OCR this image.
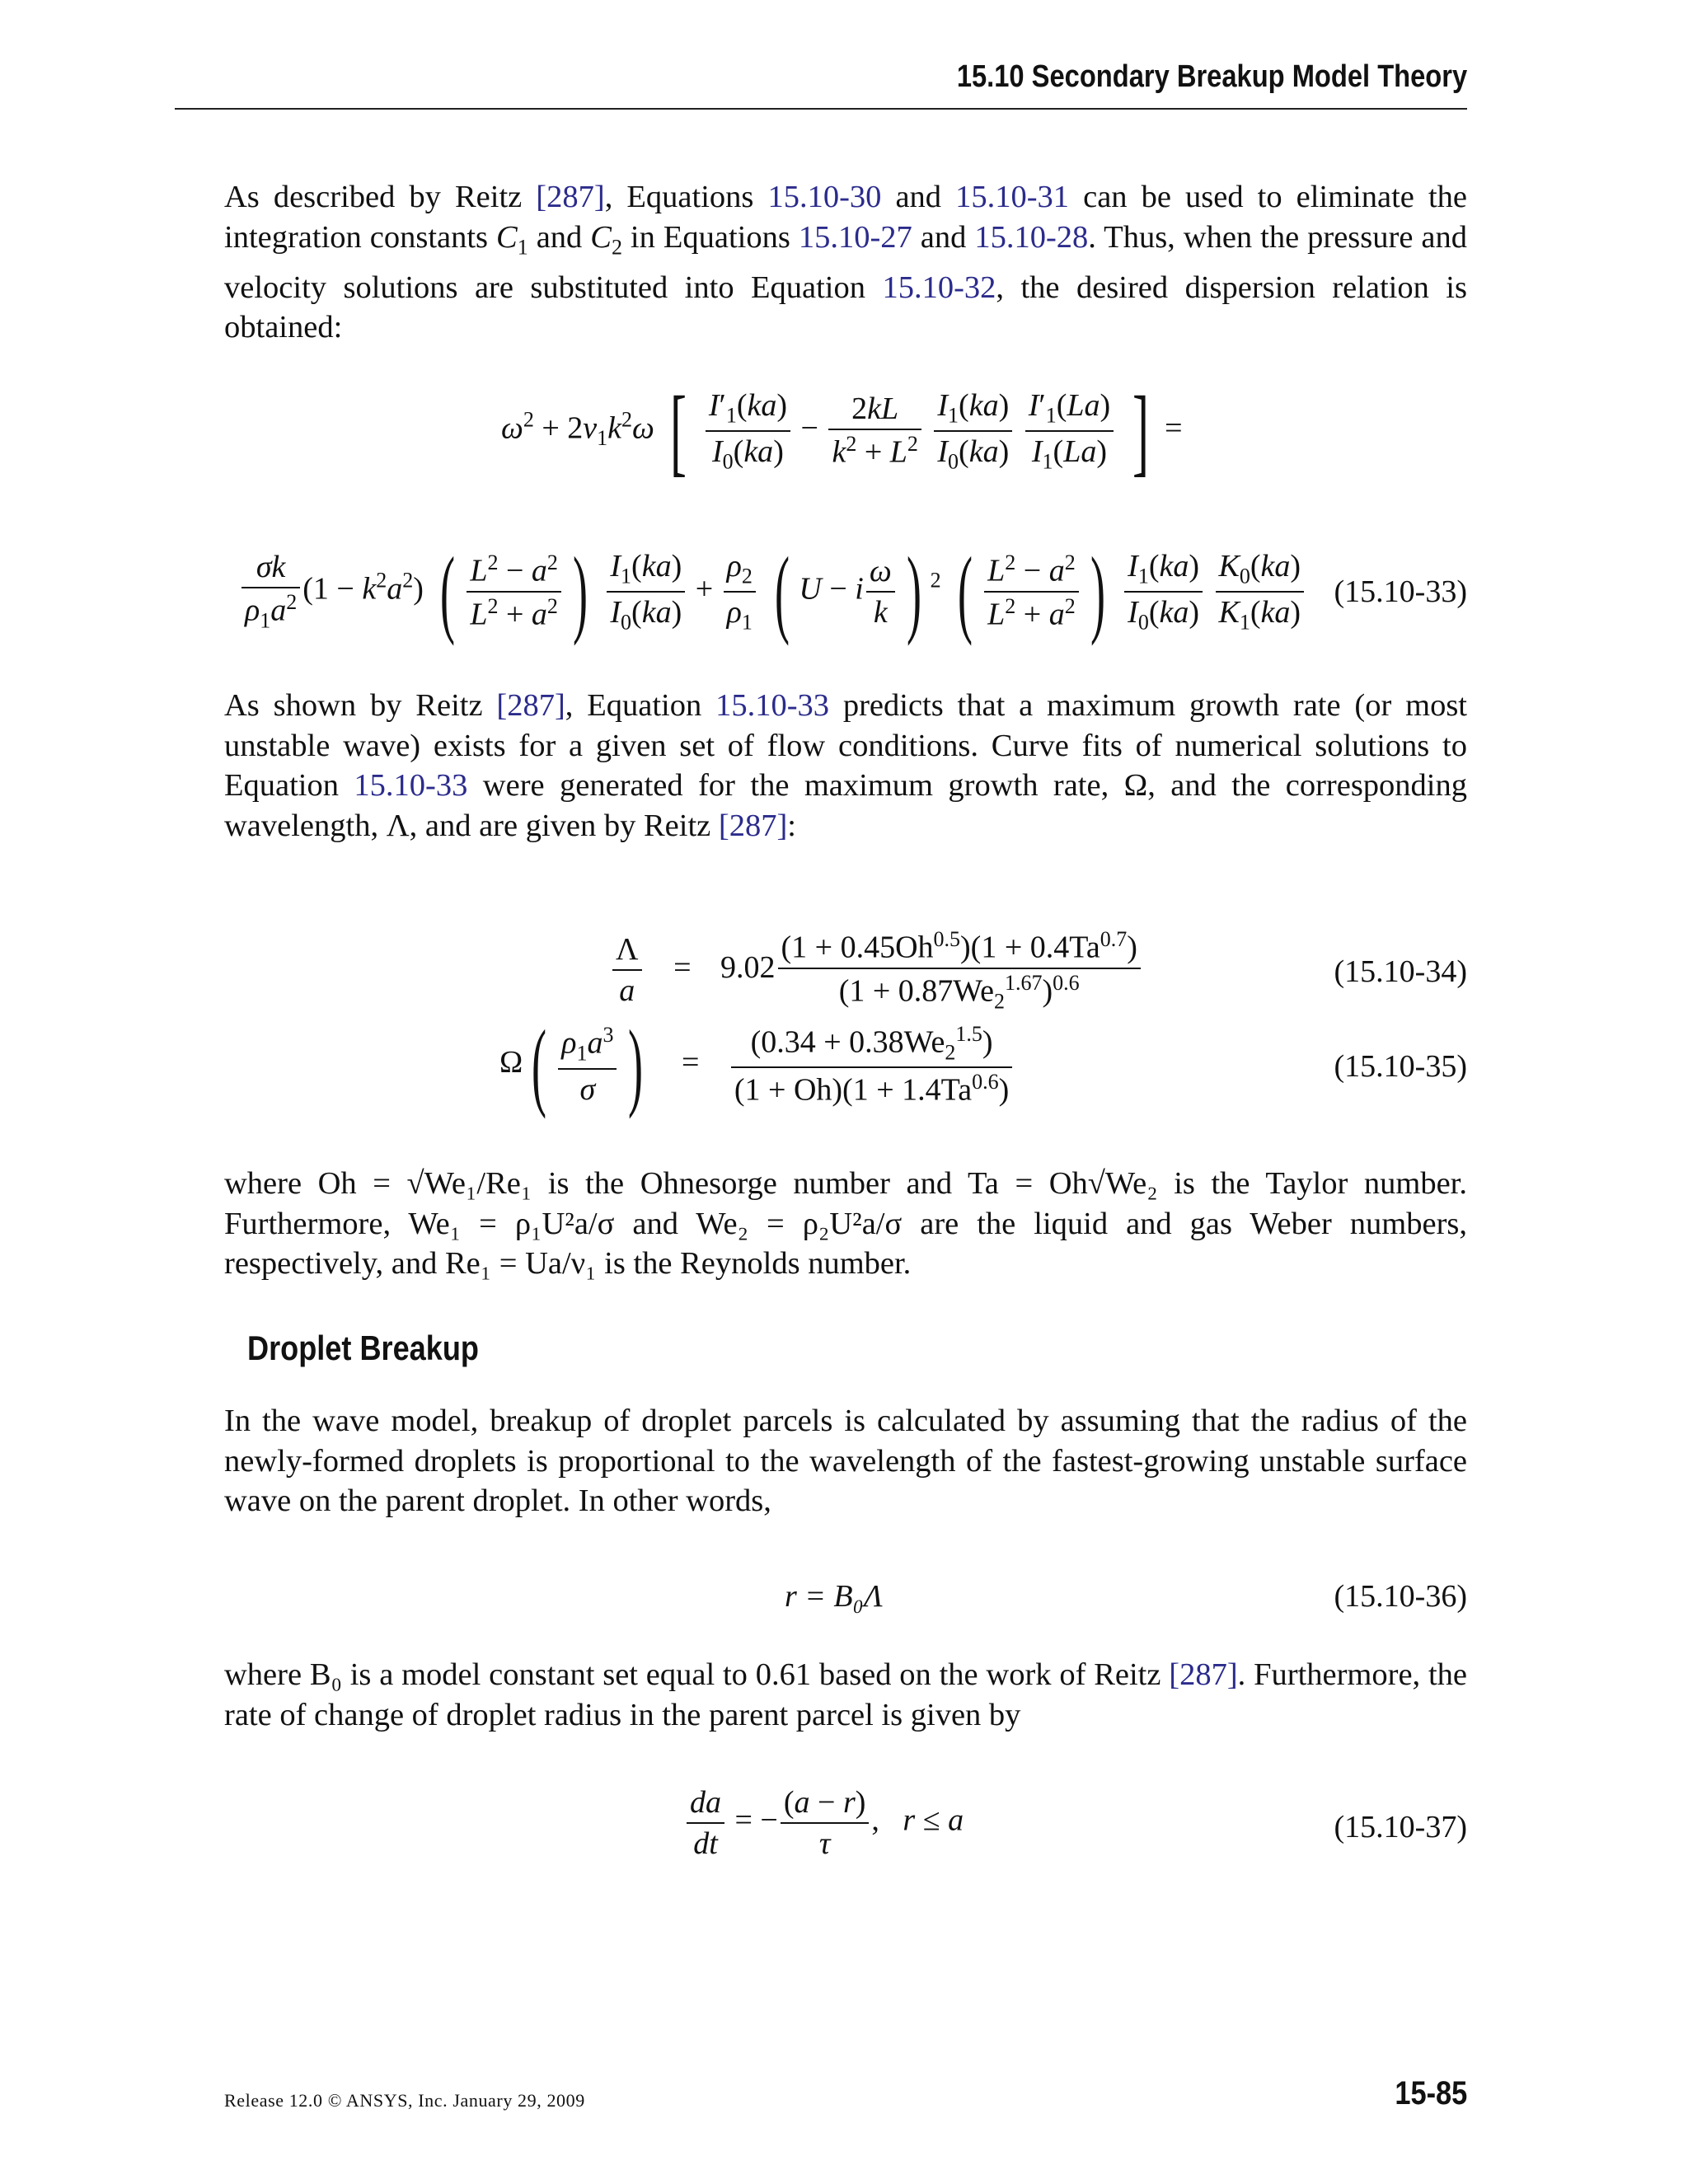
15.10 Secondary Breakup Model Theory
As described by Reitz [287], Equations 15.10-30 and 15.10-31 can be used to eliminate the integration constants $C_1$ and $C_2$ in Equations 15.10-27 and 15.10-28. Thus, when the pressure and velocity solutions are substituted into Equation 15.10-32, the desired dispersion relation is obtained:
$\omega^2 + 2\nu_1k^2\omega$ [ $\frac{I'_1(ka)}{I_0(ka)} - \frac{2kL}{k^2 + L^2}$
$\frac{I_1(ka)}{I_0(ka)}$
$\frac{I'_1(La)}{I_1(La)}$ ] =
$\frac{\sigma k}{\rho_1a^2} (1 - k^2a^2)$ ( $\frac{L^2 - a^2}{L^2 + a^2}$ ) $\frac{I_1(ka)}{I_0(ka)} + \frac{\rho_2}{\rho_1}$ ( U − i $\frac{\omega}{k}$ ) $^2$ ( $\frac{L^2 - a^2}{L^2 + a^2}$ ) $\frac{I_1(ka)}{I_0(ka)}$
$\frac{K_0(ka)}{K_1(ka)} (15.10-33)$
As shown by Reitz [287], Equation 15.10-33 predicts that a maximum growth rate (or most unstable wave) exists for a given set of flow conditions. Curve fits of numerical solutions to Equation 15.10-33 were generated for the maximum growth rate, Ω, and the corresponding wavelength, Λ, and are given by Reitz [287]:
$\frac{\Lambda}{a} = 9.02 \frac{(1 + 0.45Oh^{0.5})(1 + 0.4Ta^{0.7})}{(1 + 0.87We_2^{1.67})^{0.6}}$	(15.10-34)
$\Omega( \frac{\rho_1a^3}{\sigma}$ ) = $\frac{(0.34 + 0.38We_2^{1.5})}{(1 + Oh)(1 + 1.4Ta^{0.6})}$	(15.10-35)
where Oh = √We₁/Re₁ is the Ohnesorge number and Ta = Oh√We₂ is the Taylor number. Furthermore, We₁ = ρ₁U²a/σ and We₂ = ρ₂U²a/σ are the liquid and gas Weber numbers, respectively, and Re₁ = Ua/ν₁ is the Reynolds number.
Droplet Breakup
In the wave model, breakup of droplet parcels is calculated by assuming that the radius of the newly-formed droplets is proportional to the wavelength of the fastest-growing unstable surface wave on the parent droplet. In other words,
r = B₀Λ	(15.10-36)
where B₀ is a model constant set equal to 0.61 based on the work of Reitz [287]. Furthermore, the rate of change of droplet radius in the parent parcel is given by
$\frac{da}{dt}$ = − $\frac{(a - r)}{\tau}$ ,   r ≤ a	(15.10-37)
Release 12.0 © ANSYS, Inc. January 29, 2009	15-85
